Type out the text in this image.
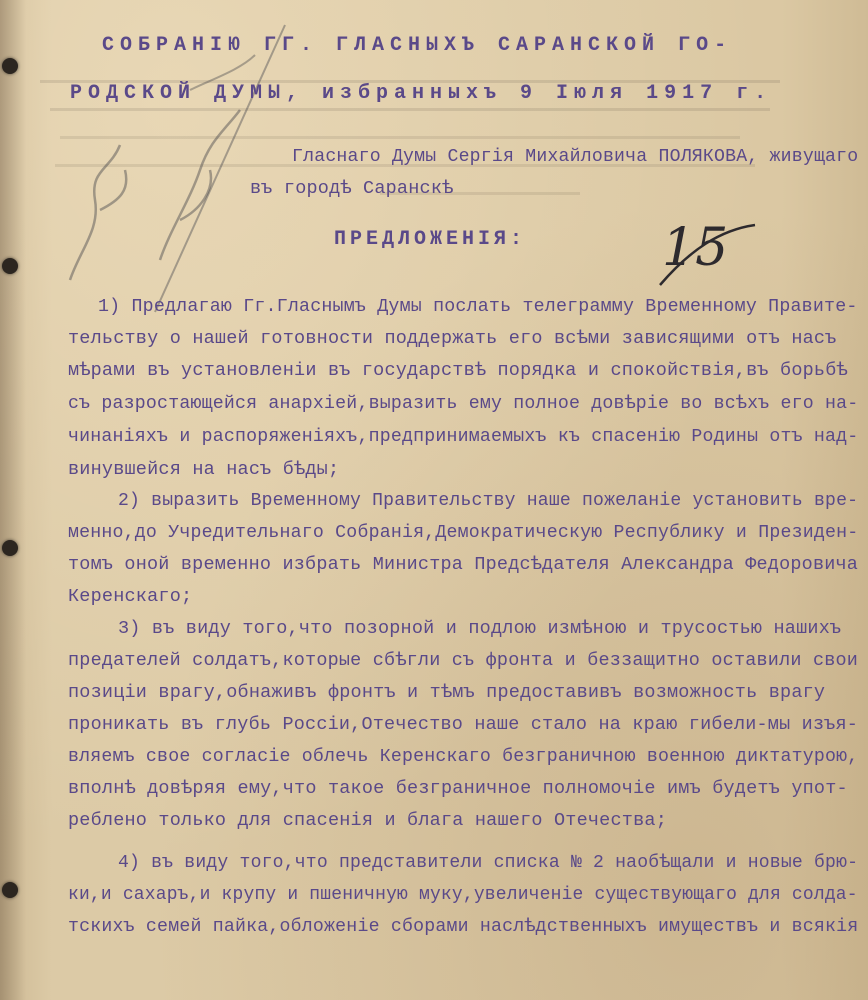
15
СОБРАНІЮ ГГ. ГЛАСНЫХЪ САРАНСКОЙ ГО-
РОДСКОЙ ДУМЫ, избранныхъ 9 Іюля 1917 г.
Гласнаго Думы Сергія Михайловича ПОЛЯКОВА, живущаго
въ городѣ Саранскѣ
ПРЕДЛОЖЕНІЯ:
1) Предлагаю Гг.Гласнымъ Думы послать телеграмму Временному Правите-
тельству о нашей готовности поддержать его всѣми зависящими отъ насъ
мѣрами въ установленіи въ государствѣ порядка и спокойствія,въ борьбѣ
съ разростающейся анархіей,выразить ему полное довѣріе во всѣхъ его на-
чинаніяхъ и распоряженіяхъ,предпринимаемыхъ къ спасенію Родины отъ над-
винувшейся на насъ бѣды;
2) выразить Временному Правительству наше пожеланіе установить вре-
менно,до Учредительнаго Собранія,Демократическую Республику и Президен-
томъ оной временно избрать Министра Предсѣдателя Александра Федоровича
Керенскаго;
3) въ виду того,что позорной и подлою измѣною и трусостью нашихъ
предателей солдатъ,которые сбѣгли съ фронта и беззащитно оставили свои
позиціи врагу,обнаживъ фронтъ и тѣмъ предоставивъ возможность врагу
проникать въ глубь Россіи,Отечество наше стало на краю гибели-мы изъя-
вляемъ свое согласіе облечь Керенскаго безграничною военною диктатурою,
вполнѣ довѣряя ему,что такое безграничное полномочіе имъ будетъ упот-
реблено только для спасенія и блага нашего Отечества;
4) въ виду того,что представители списка № 2 наобѣщали и новые брю-
ки,и сахаръ,и крупу и пшеничную муку,увеличеніе существующаго для солда-
тскихъ семей пайка,обложеніе сборами наслѣдственныхъ имуществъ и всякія
